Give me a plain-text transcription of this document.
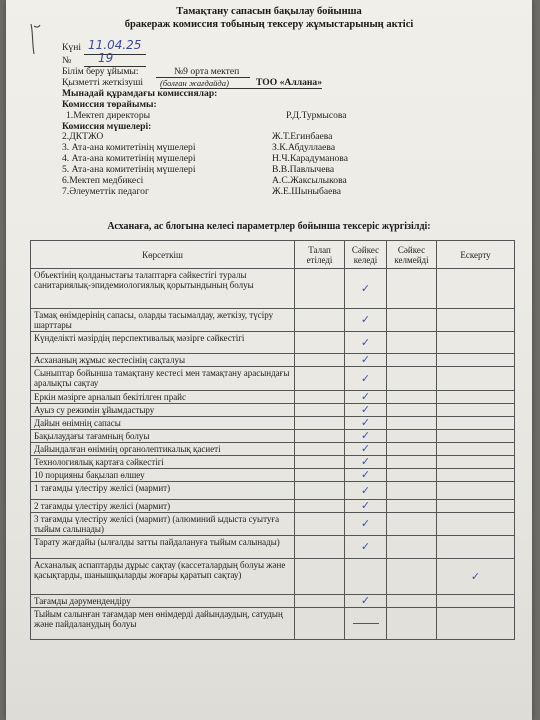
Тамақтану сапасын бақылау бойынша
бракераж комиссия тобының тексеру жұмыстарының актісі
Күні 11.04.25
№ 19
Білім беру ұйымы:	№9 орта мектеп
Қызметті жеткізуші (болған жағдайда)	ТОО «Аллана»
Мынадай құрамдағы комиссиялар:
Комиссия төрайымы:
1.Мектеп директоры	Р.Д.Турмысова
Комиссия мүшелері:
2.ДКТЖО	Ж.Т.Егинбаева
3. Ата-ана комитетінің мүшелері	З.К.Абдуллаева
4. Ата-ана комитетінің мүшелері	Н.Ч.Карадуманова
5. Ата-ана комитетінің мүшелері	В.В.Павлычева
6.Мектеп медбикесі	А.С.Жаксылыкова
7.Әлеуметтік педагог	Ж.Е.Шыныбаева
Асханаға, ас блогына келесі параметрлер бойынша тексеріс жүргізілді:
Көрсеткіш	Талап етіледі	Сәйкес келеді	Сәйкес келмейді	Ескерту
Объектінің қолданыстағы талаптарға сәйкестігі туралы санитариялық-эпидемиологиялық қорытындының болуы		✓		
Тамақ өнімдерінің сапасы, оларды тасымалдау, жеткізу, түсіру шарттары		✓		
Күнделікті мәзірдің перспективалық мәзірге сәйкестігі		✓		
Асхананың жұмыс кестесінің сақталуы		✓		
Сыныптар бойынша тамақтану кестесі мен тамақтану арасындағы аралықты сақтау		✓		
Еркін мәзірге арналып бекітілген прайс		✓		
Ауыз су режимін ұйымдастыру		✓		
Дайын өнімнің сапасы		✓		
Бақылаудағы тағамның болуы		✓		
Дайындалған өнімнің органолептикалық қасиеті		✓		
Технологиялық картаға сәйкестігі		✓		
10 порцияны бақылап өлшеу		✓		
1 тағамды үлестіру желісі (мармит)		✓		
2 тағамды үлестіру желісі (мармит)		✓		
3 тағамды үлестіру желісі (мармит) (алюминий ыдыста суытуға тыйым салынады)		✓		
Тарату жағдайы (ылғалды затты пайдалануға тыйым салынады)		✓		
Асханалық аспаптарды дұрыс сақтау (кассеталардың болуы және қасықтарды, шанышқыларды жоғары қаратып сақтау)				✓
Тағамды дәрумендендіру		✓		
Тыйым салынған тағамдар мен өнімдерді дайындаудың, сатудың және пайдаланудың болуы				
